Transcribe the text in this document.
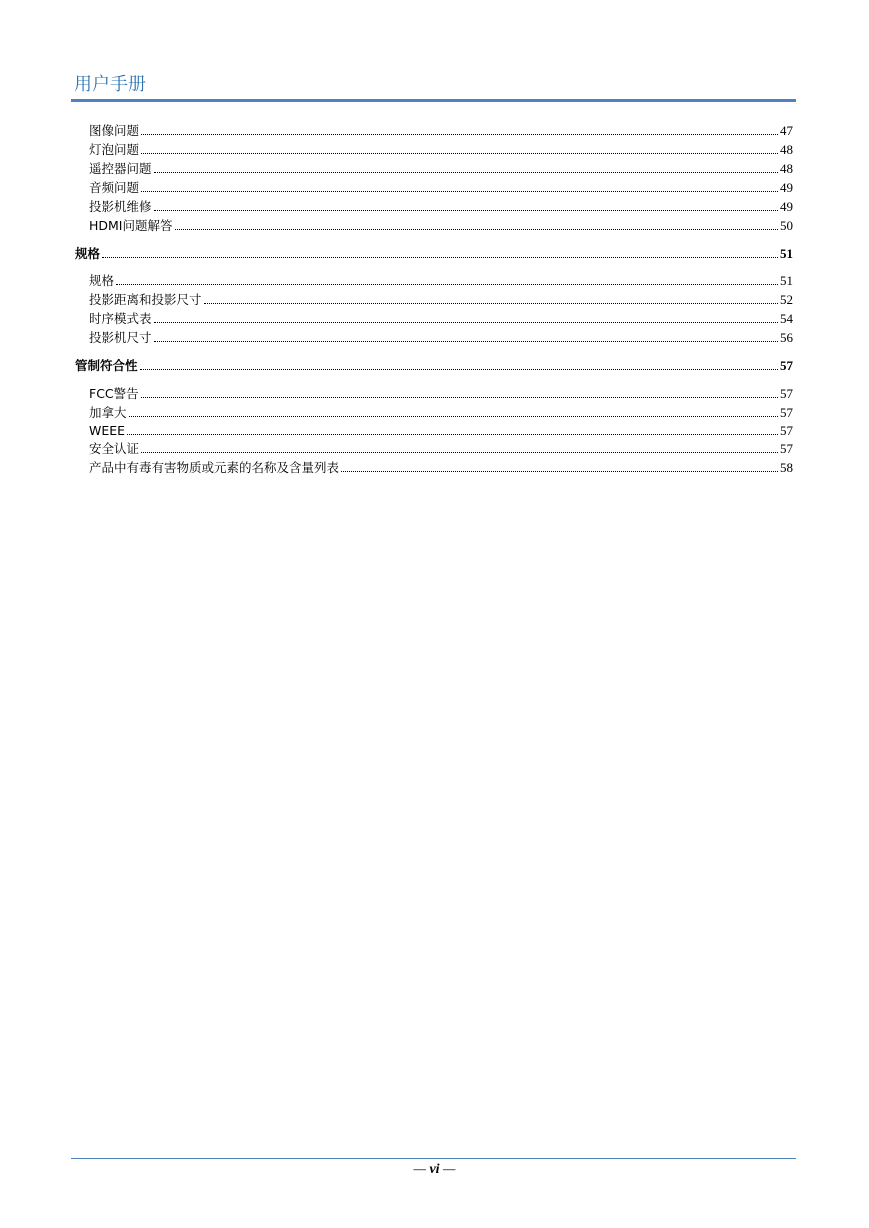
用户手册
图像问题	47
灯泡问题	48
遥控器问题	48
音频问题	49
投影机维修	49
HDMI问题解答	50
规格	51
规格	51
投影距离和投影尺寸	52
时序模式表	54
投影机尺寸	56
管制符合性	57
FCC警告	57
加拿大	57
WEEE	57
安全认证	57
产品中有毒有害物质或元素的名称及含量列表	58
— vi —
